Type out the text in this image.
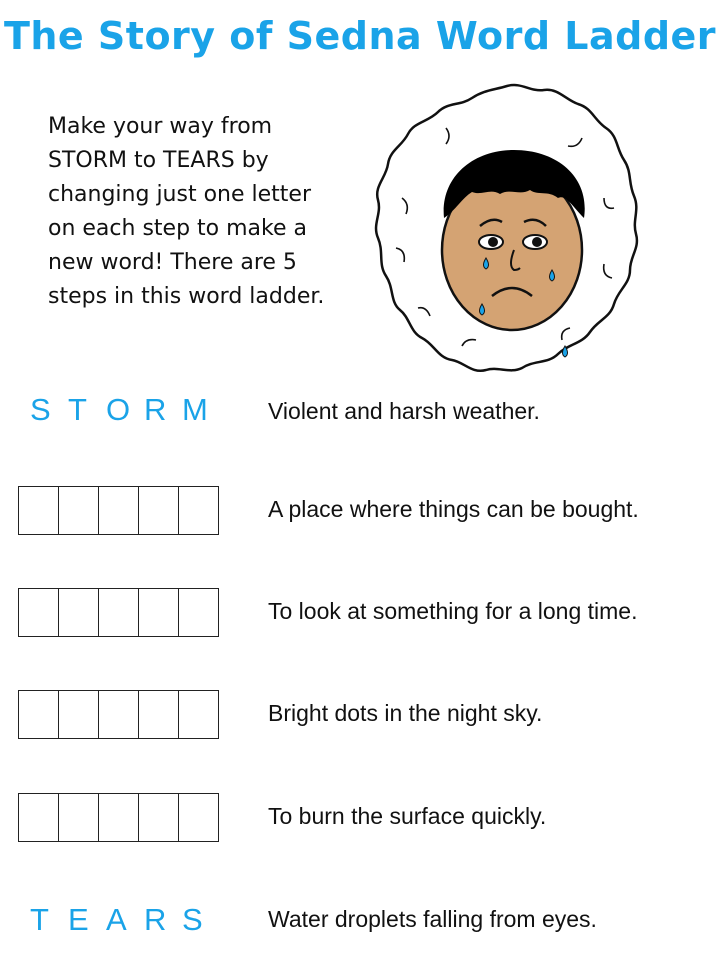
The Story of Sedna Word Ladder
Make your way from STORM to TEARS by changing just one letter on each step to make a new word! There are 5 steps in this word ladder.
S T O R M	Violent and harsh weather.
A place where things can be bought.
To look at something for a long time.
Bright dots in the night sky.
To burn the surface quickly.
T E A R S	Water droplets falling from eyes.
